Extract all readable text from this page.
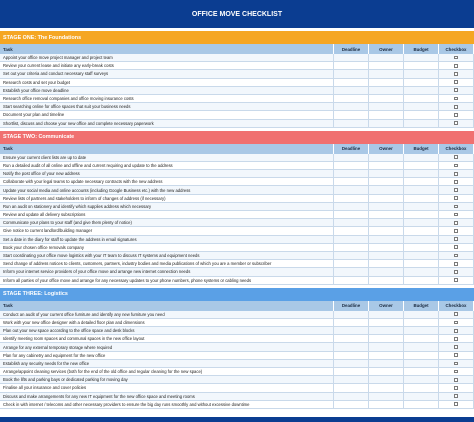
OFFICE MOVE CHECKLIST
STAGE ONE: The Foundations
Task	Deadline	Owner	Budget	Checkbox
Appoint your office move project manager and project team
Review your current lease and initiate any early-break costs
Set out your criteria and conduct necessary staff surveys
Research costs and set your budget
Establish your office move deadline
Research office removal companies and office moving insurance costs
Start searching online for office spaces that suit your business needs
Document your plan and timeline
Shortlist, discuss and choose your new office and complete necessary paperwork
STAGE TWO: Communicate
Task	Deadline	Owner	Budget	Checkbox
Ensure your current client lists are up to date
Run a detailed audit of all online and offline and current requiring and update to the address
Notify the post office of your new address
Collaborate with your legal teams to update necessary contracts with the new address
Update your social media and online accounts (including Google Business etc.) with the new address
Review lists of partners and stakeholders to inform of changes of address (if necessary)
Run an audit on stationery and identify which supplies address which necessary
Review and update all delivery subscriptions
Communicate your plans to your staff (and give them plenty of notice)
Give notice to current landlord/building manager
Set a date in the diary for staff to update the address in email signatures
Book your chosen office removals company
Start coordinating your office move logistics with your IT team to discuss IT systems and equipment needs
Send change of address notices to clients, customers, partners, industry bodies and media publications of which you are a member or subscriber
Inform your internet service providers of your office move and arrange new internet connection needs
Inform all parties of your office move and arrange for any necessary updates to your phone numbers, phone systems or cabling needs
STAGE THREE: Logistics
Task	Deadline	Owner	Budget	Checkbox
Conduct an audit of your current office furniture and identify any new furniture you need
Work with your new office designer with a detailed floor plan and dimensions
Plan out your new space according to the office space and desk blocks
Identify meeting room spaces and communal spaces in the new office layout
Arrange for any external temporary storage where required
Plan for any cabinetry and equipment for the new office
Establish any security needs for the new office
Arrange/appoint cleaning services (both for the end of the old office and regular cleaning for the new space)
Book the lifts and parking bays or dedicated parking for moving day
Finalise all your insurance and cover policies
Discuss and make arrangements for any new IT equipment for the new office space and meeting rooms
Check in with internet / telecoms and other necessary providers to ensure the big day runs smoothly and without excessive downtime
